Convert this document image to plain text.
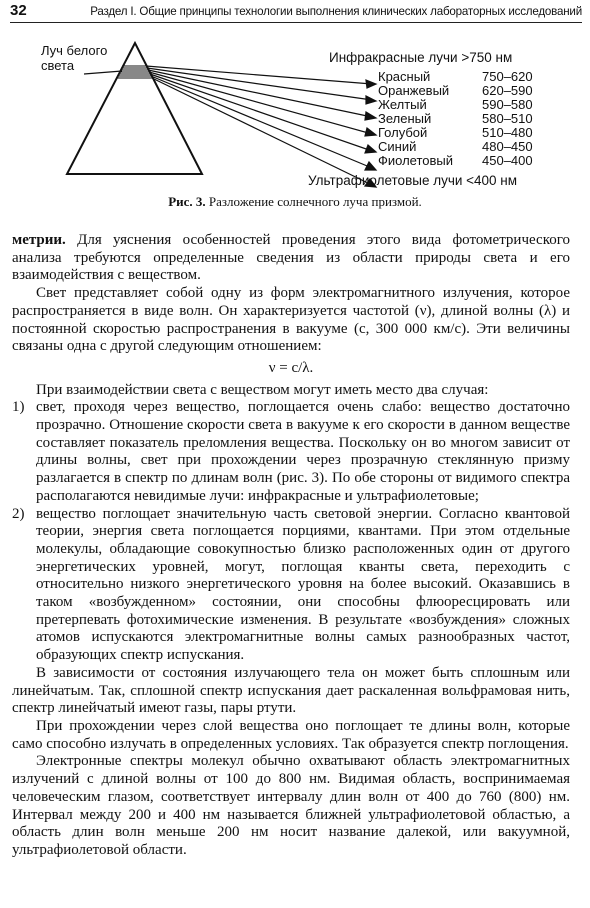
32	Раздел I. Общие принципы технологии выполнения клинических лабораторных исследований
Луч белого
света
Инфракрасные лучи >750 нм
Красный	750–620
Оранжевый	620–590
Желтый	590–580
Зеленый	580–510
Голубой	510–480
Синий	480–450
Фиолетовый 450–400
Ультрафиолетовые лучи <400 нм
Рис. 3. Разложение солнечного луча призмой.

метрии. Для уяснения особенностей проведения этого вида фотометрического анализа требуются определенные сведения из области природы света и его взаимодействия с веществом.

Свет представляет собой одну из форм электромагнитного излучения, которое распространяется в виде волн. Он характеризуется частотой (ν), длиной волны (λ) и постоянной скоростью распространения в вакууме (с, 300 000 км/с). Эти величины связаны одна с другой следующим отношением:

ν = с/λ.

При взаимодействии света с веществом могут иметь место два случая:

1) свет, проходя через вещество, поглощается очень слабо: вещество достаточно прозрачно. Отношение скорости света в вакууме к его скорости в данном веществе составляет показатель преломления вещества. Поскольку он во многом зависит от длины волны, свет при прохождении через прозрачную стеклянную призму разлагается в спектр по длинам волн (рис. 3). По обе стороны от видимого спектра располагаются невидимые лучи: инфракрасные и ультрафиолетовые;

2) вещество поглощает значительную часть световой энергии. Согласно квантовой теории, энергия света поглощается порциями, квантами. При этом отдельные молекулы, обладающие совокупностью близко расположенных один от другого энергетических уровней, могут, поглощая кванты света, переходить с относительно низкого энергетического уровня на более высокий. Оказавшись в таком «возбужденном» состоянии, они способны флюоресцировать или претерпевать фотохимические изменения. В результате «возбуждения» сложных атомов испускаются электромагнитные волны самых разнообразных частот, образующих спектр испускания.

В зависимости от состояния излучающего тела он может быть сплошным или линейчатым. Так, сплошной спектр испускания дает раскаленная вольфрамовая нить, спектр линейчатый имеют газы, пары ртути.

При прохождении через слой вещества оно поглощает те длины волн, которые само способно излучать в определенных условиях. Так образуется спектр поглощения.

Электронные спектры молекул обычно охватывают область электромагнитных излучений с длиной волны от 100 до 800 нм. Видимая область, воспринимаемая человеческим глазом, соответствует интервалу длин волн от 400 до 760 (800) нм. Интервал между 200 и 400 нм называется ближней ультрафиолетовой областью, а область длин волн меньше 200 нм носит название далекой, или вакуумной, ультрафиолетовой области.
